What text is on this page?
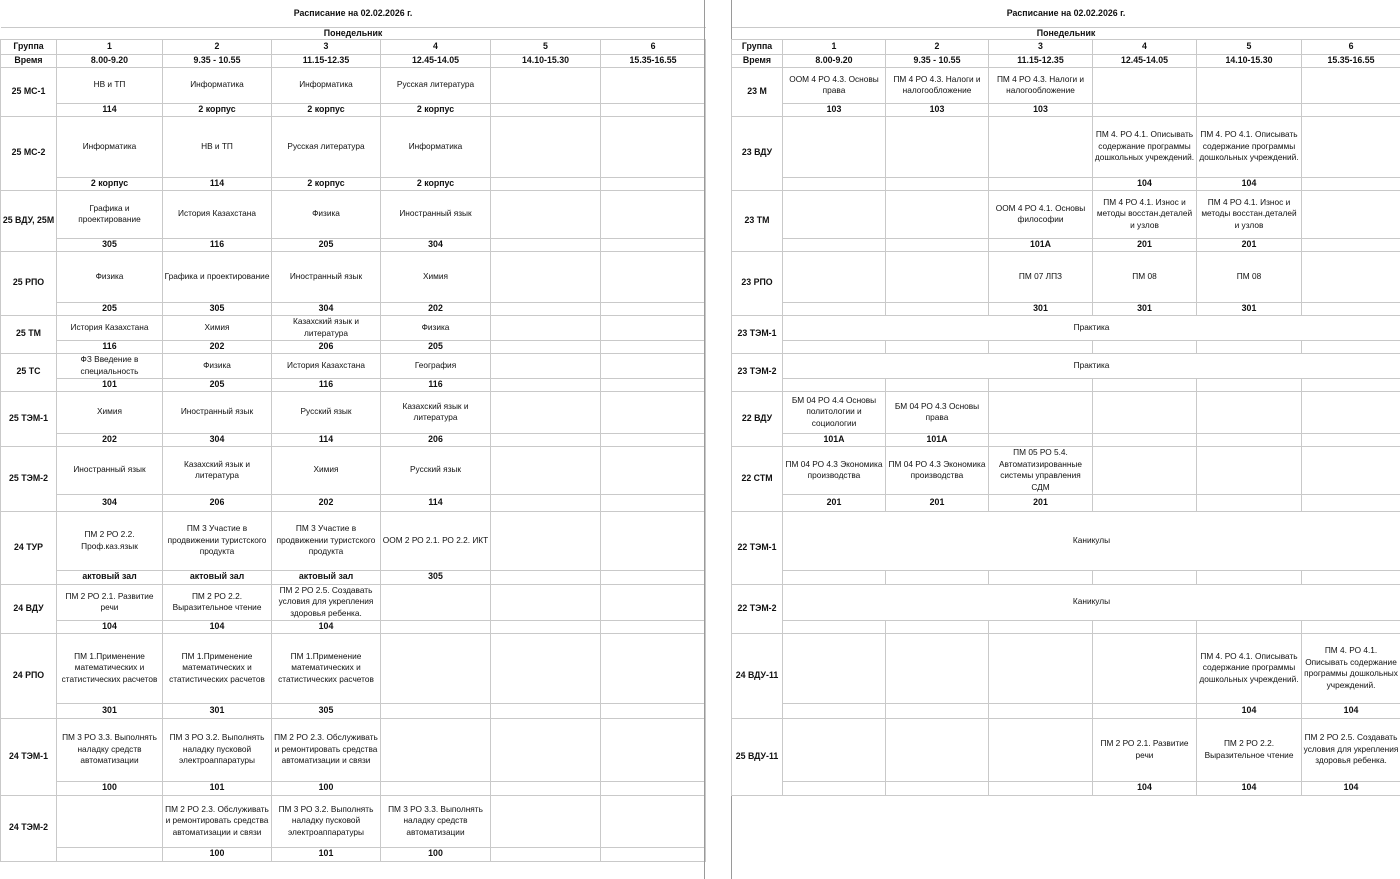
Расписание на 02.02.2026 г.						
Понедельник						
Группа	1	2	3	4	5	6
Время	8.00-9.20	9.35 - 10.55	11.15-12.35	12.45-14.05	14.10-15.30	15.35-16.55
25 МС-1	НВ и ТП	Информатика	Информатика	Русская литература		
	114	2 корпус	2 корпус	2 корпус		
25 МС-2	Информатика	НВ и ТП	Русская литература	Информатика		
	2 корпус	114	2 корпус	2 корпус		
25 ВДУ, 25М	Графика и проектирование	История Казахстана	Физика	Иностранный язык		
	305	116	205	304		
25 РПО	Физика	Графика и проектирование	Иностранный язык	Химия		
	205	305	304	202		
25 ТМ	История Казахстана	Химия	Казахский язык и литература	Физика		
	116	202	206	205		
25 ТС	ФЗ Введение в специальность	Физика	История Казахстана	География		
	101	205	116	116		
25 ТЭМ-1	Химия	Иностранный язык	Русский язык	Казахский язык и литература		
	202	304	114	206		
25 ТЭМ-2	Иностранный язык	Казахский язык и литература	Химия	Русский язык		
	304	206	202	114		
24 ТУР	ПМ 2 РО 2.2. Проф.каз.язык	ПМ 3 Участие в продвижении туристского продукта	ПМ 3 Участие в продвижении туристского продукта	ООМ 2 РО 2.1. РО 2.2. ИКТ		
	актовый зал	актовый зал	актовый зал	305		
24 ВДУ	ПМ 2 РО 2.1. Развитие речи	ПМ 2 РО 2.2. Выразительное чтение	ПМ 2 РО 2.5. Создавать условия для укрепления здоровья ребенка.			
	104	104	104			
24 РПО	ПМ 1.Применение математических и статистических расчетов	ПМ 1.Применение математических и статистических расчетов	ПМ 1.Применение математических и статистических расчетов			
	301	301	305			
24 ТЭМ-1	ПМ 3 РО 3.3. Выполнять наладку средств автоматизации	ПМ 3 РО 3.2. Выполнять наладку пусковой электроаппаратуры	ПМ 2 РО 2.3. Обслуживать и ремонтировать средства автоматизации и связи			
	100	101	100			
24 ТЭМ-2		ПМ 2 РО 2.3. Обслуживать и ремонтировать средства автоматизации и связи	ПМ 3 РО 3.2. Выполнять наладку пусковой электроаппаратуры	ПМ 3 РО 3.3. Выполнять наладку средств автоматизации		
		100	101	100		
Расписание на 02.02.2026 г.						
Понедельник						
Группа	1	2	3	4	5	6
Время	8.00-9.20	9.35 - 10.55	11.15-12.35	12.45-14.05	14.10-15.30	15.35-16.55
23 М	ООМ 4 РО 4.3. Основы права	ПМ 4 РО 4.3. Налоги и налогообложение	ПМ 4 РО 4.3. Налоги и налогообложение			
	103	103	103			
23 ВДУ				ПМ 4. РО 4.1. Описывать содержание программы дошкольных учреждений.	ПМ 4. РО 4.1. Описывать содержание программы дошкольных учреждений.	
				104	104	
23 ТМ			ООМ 4 РО 4.1. Основы философии	ПМ 4 РО 4.1. Износ и методы восстан.деталей и узлов	ПМ 4 РО 4.1. Износ и методы восстан.деталей и узлов	
			101А	201	201	
23 РПО			ПМ 07 ЛПЗ	ПМ 08	ПМ 08	
			301	301	301	
23 ТЭМ-1	Практика					

23 ТЭМ-2	Практика					

22 ВДУ	БМ 04 РО 4.4 Основы политологии и социологии	БМ 04 РО 4.3 Основы права				
	101А	101А				
22 СТМ	ПМ 04 РО 4.3 Экономика производства	ПМ 04 РО 4.3 Экономика производства	ПМ 05 РО 5.4. Автоматизированные системы управления СДМ			
	201	201	201			
22 ТЭМ-1	Каникулы					

22 ТЭМ-2	Каникулы					

24 ВДУ-11					ПМ 4. РО 4.1. Описывать содержание программы дошкольных учреждений.	ПМ 4. РО 4.1. Описывать содержание программы дошкольных учреждений.
					104	104
25 ВДУ-11				ПМ 2 РО 2.1. Развитие речи	ПМ 2 РО 2.2. Выразительное чтение	ПМ 2 РО 2.5. Создавать условия для укрепления здоровья ребенка.
				104	104	104
